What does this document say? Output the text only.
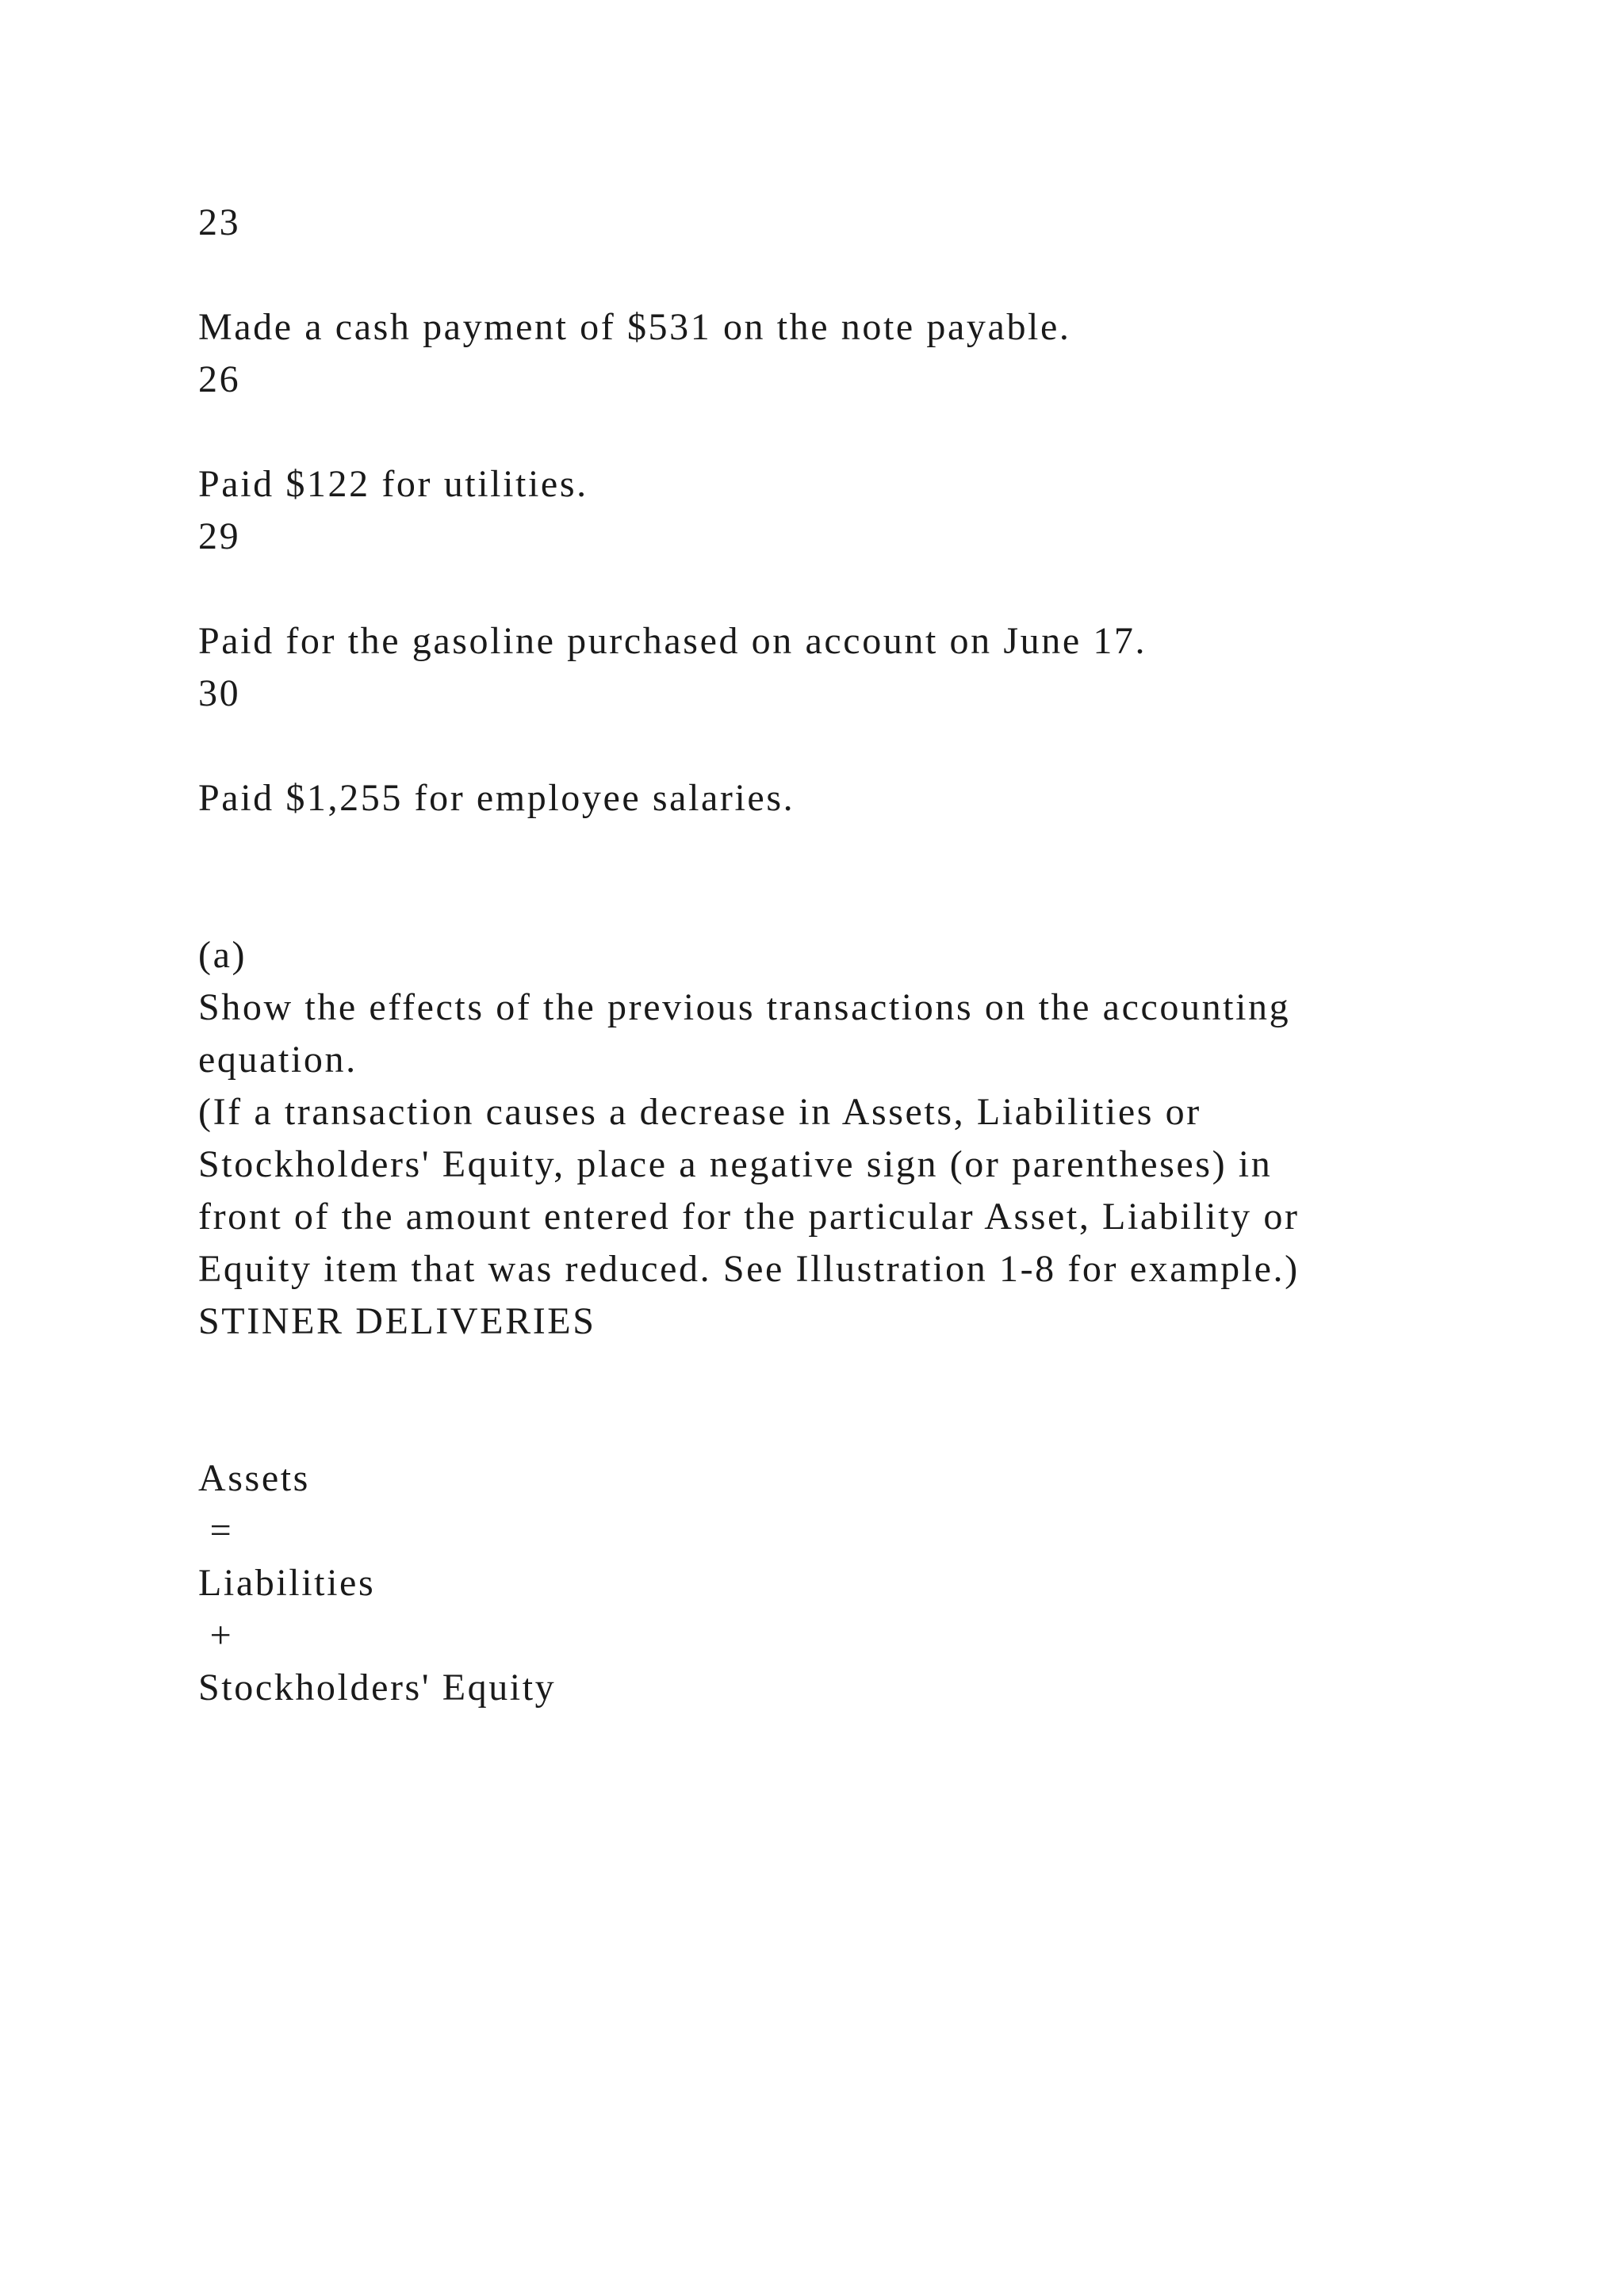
23

Made a cash payment of $531 on the note payable.

26

Paid $122 for utilities.

29

Paid for the gasoline purchased on account on June 17.

30

Paid $1,255 for employee salaries.

(a)

Show the effects of the previous transactions on the accounting

equation.

(If a transaction causes a decrease in Assets, Liabilities or

Stockholders' Equity, place a negative sign (or parentheses) in

front of the amount entered for the particular Asset, Liability or

Equity item that was reduced. See Illustration 1-8 for example.)

STINER DELIVERIES

Assets

=

Liabilities

+

Stockholders' Equity
